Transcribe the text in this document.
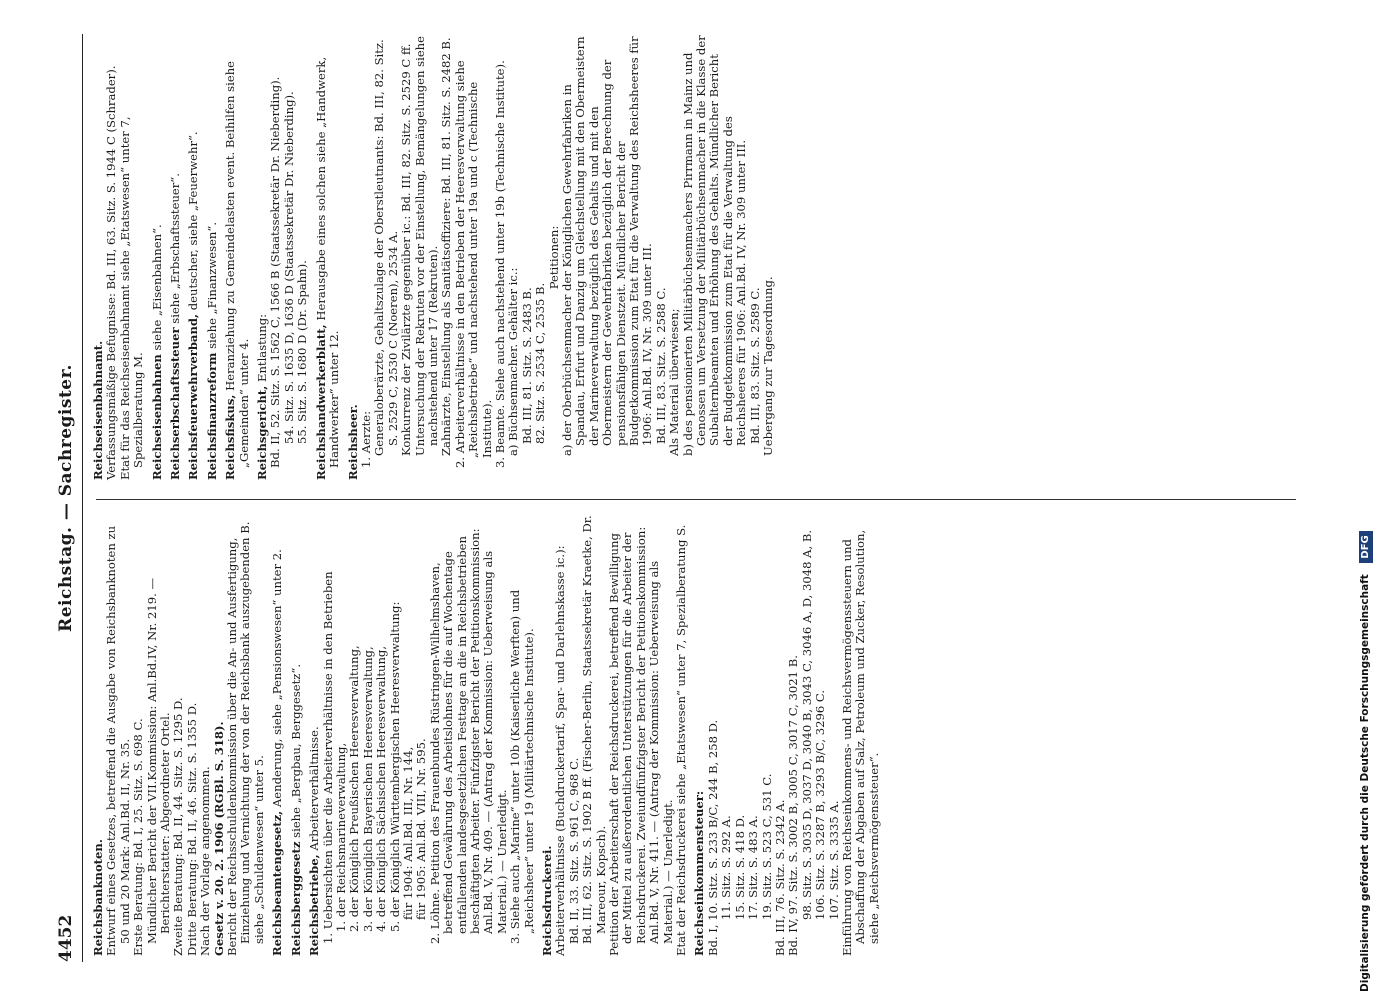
4452
Reichstag. — Sachregister.

Reichsbanknoten. Entwurf eines Gesetzes, betreffend die Ausgabe von Reichsbanknoten zu 50 und 20 Mark: Anl.Bd. II, Nr. 35. Erste Beratung: Bd. I, 25. Sitz. S. 698 C. Mündlicher Bericht der VII.Kommission: Anl.Bd.IV, Nr. 219. — Berichterstatter: Abgeordneter Ortel. Zweite Beratung: Bd. II, 44. Sitz. S. 1295 D. Dritte Beratung: Bd. II, 46. Sitz. S. 1355 D. Nach der Vorlage angenommen. Gesetz v. 20. 2. 1906 (RGBl. S. 318). Bericht der Reichsschuldenkommission über die An- und Ausfertigung, Einziehung und Vernichtung der von der Reichsbank auszugebenden B. siehe „Schuldenwesen“ unter 5. Reichsbeamtengesetz, Aenderung, siehe „Pensionswesen“ unter 2.

Reichsberggesetz siehe „Bergbau, Berggesetz“.

Reichsbetriebe, Arbeiterverhältnisse. 1. Uebersichten über die Arbeiterverhältnisse in den Betrieben 1. der Reichsmarineverwaltung, 2. der Königlich Preußischen Heeresverwaltung, 3. der Königlich Bayerischen Heeresverwaltung, 4. der Königlich Sächsischen Heeresverwaltung, 5. der Königlich Württembergischen Heeresverwaltung: für 1904: Anl.Bd. III, Nr. 144, für 1905: Anl.Bd. VIII, Nr. 595. 2. Löhne. Petition des Frauenbundes Rüstringen-Wilhelmshaven, betreffend Gewährung des Arbeitslohnes für die auf Wochentage entfallenden landesgesetzlichen Festtage an die in Reichsbetrieben beschäftigten Arbeiter. Fünfzigster Bericht der Petitionskommission: Anl.Bd. V, Nr. 409. — (Antrag der Kommission: Ueberweisung als Material.) — Unerledigt. 3. Siehe auch „Marine“ unter 10b (Kaiserliche Werften) und „Reichsheer“ unter 19 (Militärtechnische Institute). Reichsdruckerei. Arbeiterverhältnisse (Buchdruckertarif, Spar- und Darlehnskasse ic.): Bd. II, 33. Sitz. S. 961 C, 968 C. Bd. III, 62. Sitz. S. 1902 B ff. (Fischer-Berlin, Staatssekretär Kraetke, Dr. Mareour, Kopsch). Petition der Arbeiterschaft der Reichsdruckerei, betreffend Bewilligung der Mittel zu außerordentlichen Unterstützungen für die Arbeiter der Reichsdruckerei. Zweiundfünfzigster Bericht der Petitionskommission: Anl.Bd. V, Nr. 411. — (Antrag der Kommission: Ueberweisung als Material.) — Unerledigt. Etat der Reichsdruckerei siehe „Etatswesen“ unter 7, Spezialberatung S. Reichseinkommensteuer: Bd. I, 10. Sitz. S. 233 B/C, 244 B, 258 D. 11. Sitz. S. 292 A. 15. Sitz. S. 418 D. 17. Sitz. S. 483 A. 19. Sitz. S. 523 C, 531 C. Bd. III, 76. Sitz. S. 2342 A. Bd. IV, 97. Sitz. S. 3002 B, 3005 C, 3017 C, 3021 B. 98. Sitz. S. 3035 D, 3037 D, 3040 B, 3043 C, 3046 A, D, 3048 A, B. 106. Sitz. S. 3287 B, 3293 B/C, 3296 C. 107. Sitz. S. 3335 A. Einführung von Reichseinkommens- und Reichsvermögenssteuern und Abschaffung der Abgaben auf Salz, Petroleum und Zucker, Resolution, siehe „Reichsvermögenssteuer“.

Reichseisenbahnamt. Verfassungsmäßige Befugnisse: Bd. III, 63. Sitz. S. 1944 C (Schrader). Etat für das Reichseisenbahnamt siehe „Etatswesen“ unter 7, Spezialberatung M. Reichseisenbahnen siehe „Eisenbahnen“.

Reichserbschaftssteuer siehe „Erbschaftssteuer“.

Reichsfeuerwehrverband, deutscher, siehe „Feuerwehr“.

Reichsfinanzreform siehe „Finanzwesen“.

Reichsfiskus, Heranziehung zu Gemeindelasten event. Beihilfen siehe „Gemeinden“ unter 4. Reichsgericht, Entlastung: Bd. II, 52. Sitz. S. 1562 C, 1566 B (Staatssekretär Dr. Nieberding). 54. Sitz. S. 1635 D, 1636 D (Staatssekretär Dr. Nieberding). 55. Sitz. S. 1680 D (Dr. Spahn). Reichshandwerkerblatt, Herausgabe eines solchen siehe „Handwerk, Handwerker“ unter 12. Reichsheer. 1. Aerzte: Generaloberärzte, Gehaltszulage der Oberstleutnants: Bd. III, 82. Sitz. S. 2529 C, 2530 C (Noeren), 2534 A. Konkurrenz der Zivilärzte gegenüber ic.: Bd. III, 82. Sitz. S. 2529 C ff. Untersuchung der Rekruten vor der Einstellung, Bemängelungen siehe nachstehend unter 17 (Rekruten). Zahnärzte, Einstellung als Sanitätsoffiziere: Bd. III, 81. Sitz. S. 2482 B. 2. Arbeiterverhältnisse in den Betrieben der Heeresverwaltung siehe „Reichsbetriebe“ und nachstehend unter 19a und c (Technische Institute). 3. Beamte. Siehe auch nachstehend unter 19b (Technische Institute). a) Büchsenmacher. Gehälter ic.: Bd. III, 81. Sitz. S. 2483 B. 82. Sitz. S. 2534 C, 2535 B.

Petitionen: a) der Oberbüchsenmacher der Königlichen Gewehrfabriken in Spandau, Erfurt und Danzig um Gleichstellung mit den Obermeistern der Marineverwaltung bezüglich des Gehalts und mit den Obermeistern der Gewehrfabriken bezüglich der Berechnung der pensionsfähigen Dienstzeit. Mündlicher Bericht der Budgetkommission zum Etat für die Verwaltung des Reichsheeres für 1906: Anl.Bd. IV, Nr. 309 unter III. Bd. III, 83. Sitz. S. 2588 C. Als Material überwiesen; b) des pensionierten Militärbüchsenmachers Pirrmann in Mainz und Genossen um Versetzung der Militärbüchsenmacher in die Klasse der Subalternbeamten und Erhöhung des Gehalts. Mündlicher Bericht der Budgetkommission zum Etat für die Verwaltung des Reichsheeres für 1906: Anl.Bd. IV, Nr. 309 unter III. Bd. III, 83. Sitz. S. 2589 C. Uebergang zur Tagesordnung.

Digitalisierung gefördert durch die Deutsche Forschungsgemeinschaft DFG
